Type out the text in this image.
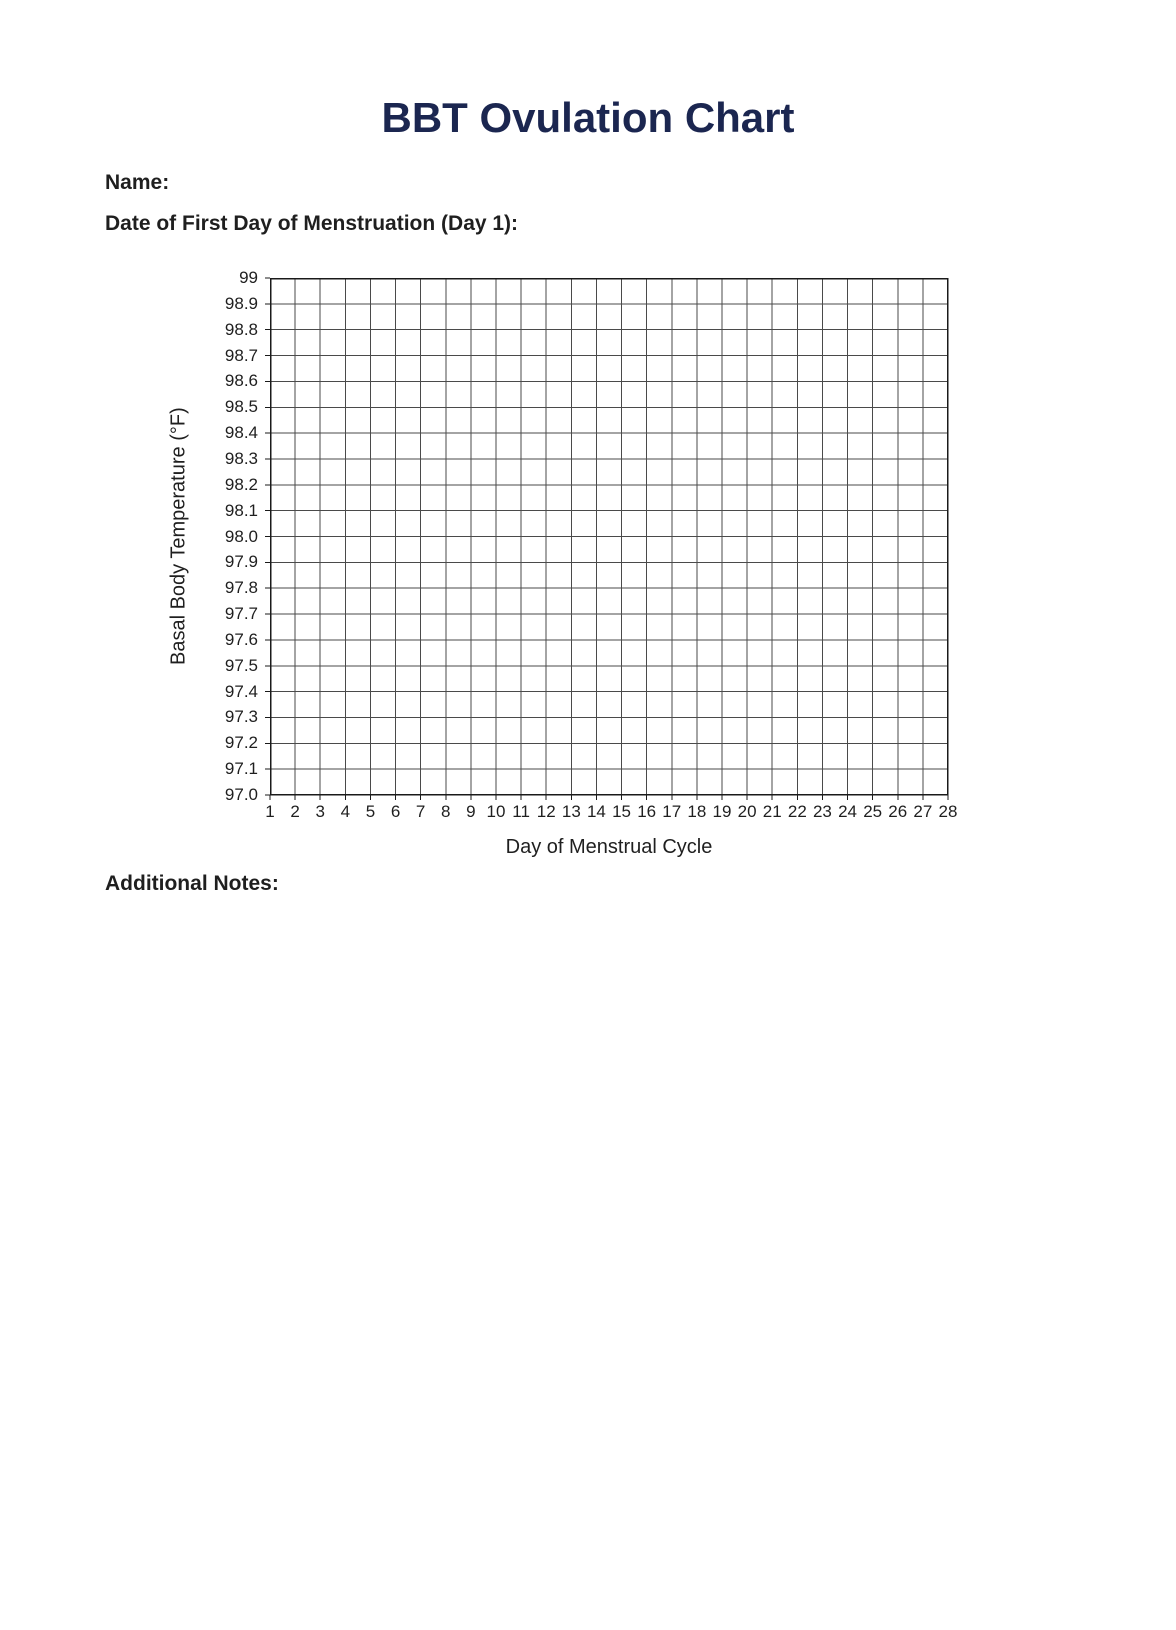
BBT Ovulation Chart
Name:
Date of First Day of Menstruation (Day 1):
Basal Body Temperature (°F)
99
98.9
98.8
98.7
98.6
98.5
98.4
98.3
98.2
98.1
98.0
97.9
97.8
97.7
97.6
97.5
97.4
97.3
97.2
97.1
97.0
1 2 3 4 5 6 7 8 9 10 11 12 13 14 15 16 17 18 19 20 21 22 23 24 25 26 27 28
Day of Menstrual Cycle
Additional Notes:
